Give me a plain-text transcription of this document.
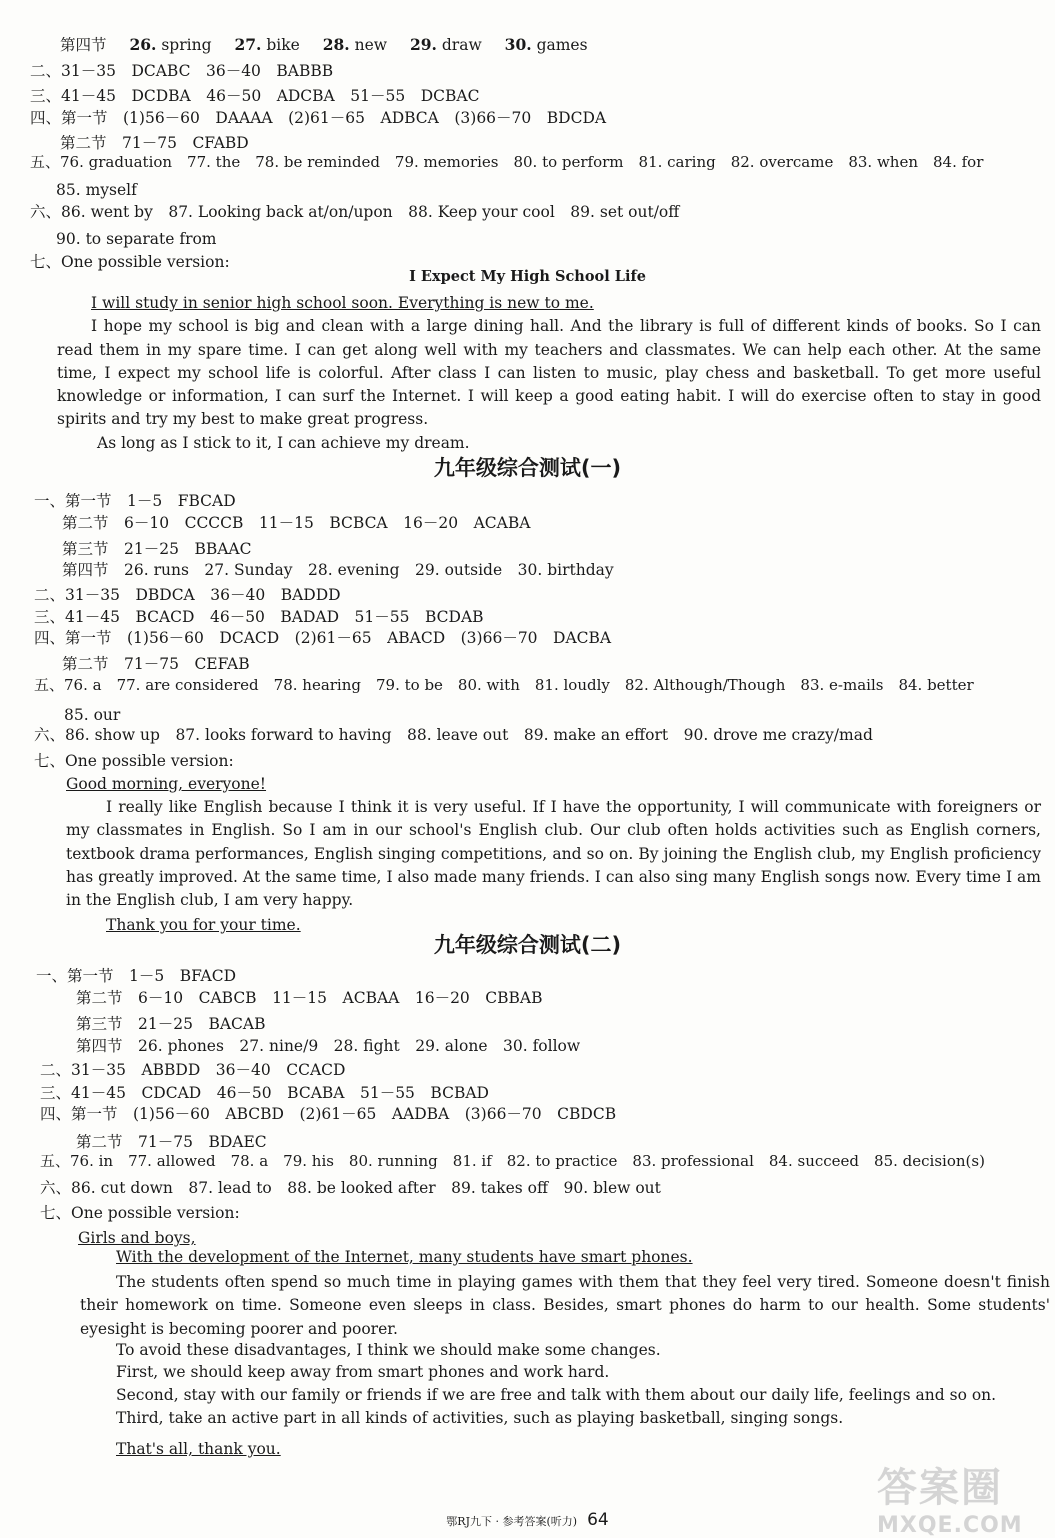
第四节 26. spring 27. bike 28. new 29. draw 30. games
二、31－35　DCABC　36－40　BABBB
三、41－45　DCDBA　46－50　ADCBA　51－55　DCBAC
四、第一节　(1)56－60　DAAAA　(2)61－65　ADBCA　(3)66－70　BDCDA
第二节　71－75　CFABD
五、76. graduation　77. the　78. be reminded　79. memories　80. to perform　81. caring　82. overcame　83. when　84. for
85. myself
六、86. went by　87. Looking back at/on/upon　88. Keep your cool　89. set out/off
90. to separate from
七、One possible version:
I Expect My High School Life

I will study in senior high school soon. Everything is new to me.

I hope my school is big and clean with a large dining hall. And the library is full of different kinds of books. So I can read them in my spare time. I can get along well with my teachers and classmates. We can help each other. At the same time, I expect my school life is colorful. After class I can listen to music, play chess and basketball. To get more useful knowledge or information, I can surf the Internet. I will keep a good eating habit. I will do exercise often to stay in good spirits and try my best to make great progress.

As long as I stick to it, I can achieve my dream.

九年级综合测试(一)
一、第一节　1－5　FBCAD
第二节　6－10　CCCCB　11－15　BCBCA　16－20　ACABA
第三节　21－25　BBAAC
第四节　26. runs　27. Sunday　28. evening　29. outside　30. birthday
二、31－35　DBDCA　36－40　BADDD
三、41－45　BCACD　46－50　BADAD　51－55　BCDAB
四、第一节　(1)56－60　DCACD　(2)61－65　ABACD　(3)66－70　DACBA
第二节　71－75　CEFAB
五、76. a　77. are considered　78. hearing　79. to be　80. with　81. loudly　82. Although/Though　83. e-mails　84. better
85. our
六、86. show up　87. looks forward to having　88. leave out　89. make an effort　90. drove me crazy/mad
七、One possible version:
Good morning, everyone!

I really like English because I think it is very useful. If I have the opportunity, I will communicate with foreigners or my classmates in English. So I am in our school's English club. Our club often holds activities such as English corners, textbook drama performances, English singing competitions, and so on. By joining the English club, my English proficiency has greatly improved. At the same time, I also made many friends. I can also sing many English songs now. Every time I am in the English club, I am very happy.

Thank you for your time.
九年级综合测试(二)
一、第一节　1－5　BFACD
第二节　6－10　CABCB　11－15　ACBAA　16－20　CBBAB
第三节　21－25　BACAB
第四节　26. phones　27. nine/9　28. fight　29. alone　30. follow
二、31－35　ABBDD　36－40　CCACD
三、41－45　CDCAD　46－50　BCABA　51－55　BCBAD
四、第一节　(1)56－60　ABCBD　(2)61－65　AADBA　(3)66－70　CBDCB
第二节　71－75　BDAEC
五、76. in　77. allowed　78. a　79. his　80. running　81. if　82. to practice　83. professional　84. succeed　85. decision(s)
六、86. cut down　87. lead to　88. be looked after　89. takes off　90. blew out
七、One possible version:
Girls and boys,
With the development of the Internet, many students have smart phones.

The students often spend so much time in playing games with them that they feel very tired. Someone doesn't finish their homework on time. Someone even sleeps in class. Besides, smart phones do harm to our health. Some students' eyesight is becoming poorer and poorer.

To avoid these disadvantages, I think we should make some changes.
First, we should keep away from smart phones and work hard.
Second, stay with our family or friends if we are free and talk with them about our daily life, feelings and so on.
Third, take an active part in all kinds of activities, such as playing basketball, singing songs.
That's all, thank you.
鄂RJ九下 · 参考答案(听力) 64
答案圈
MXQE.COM
